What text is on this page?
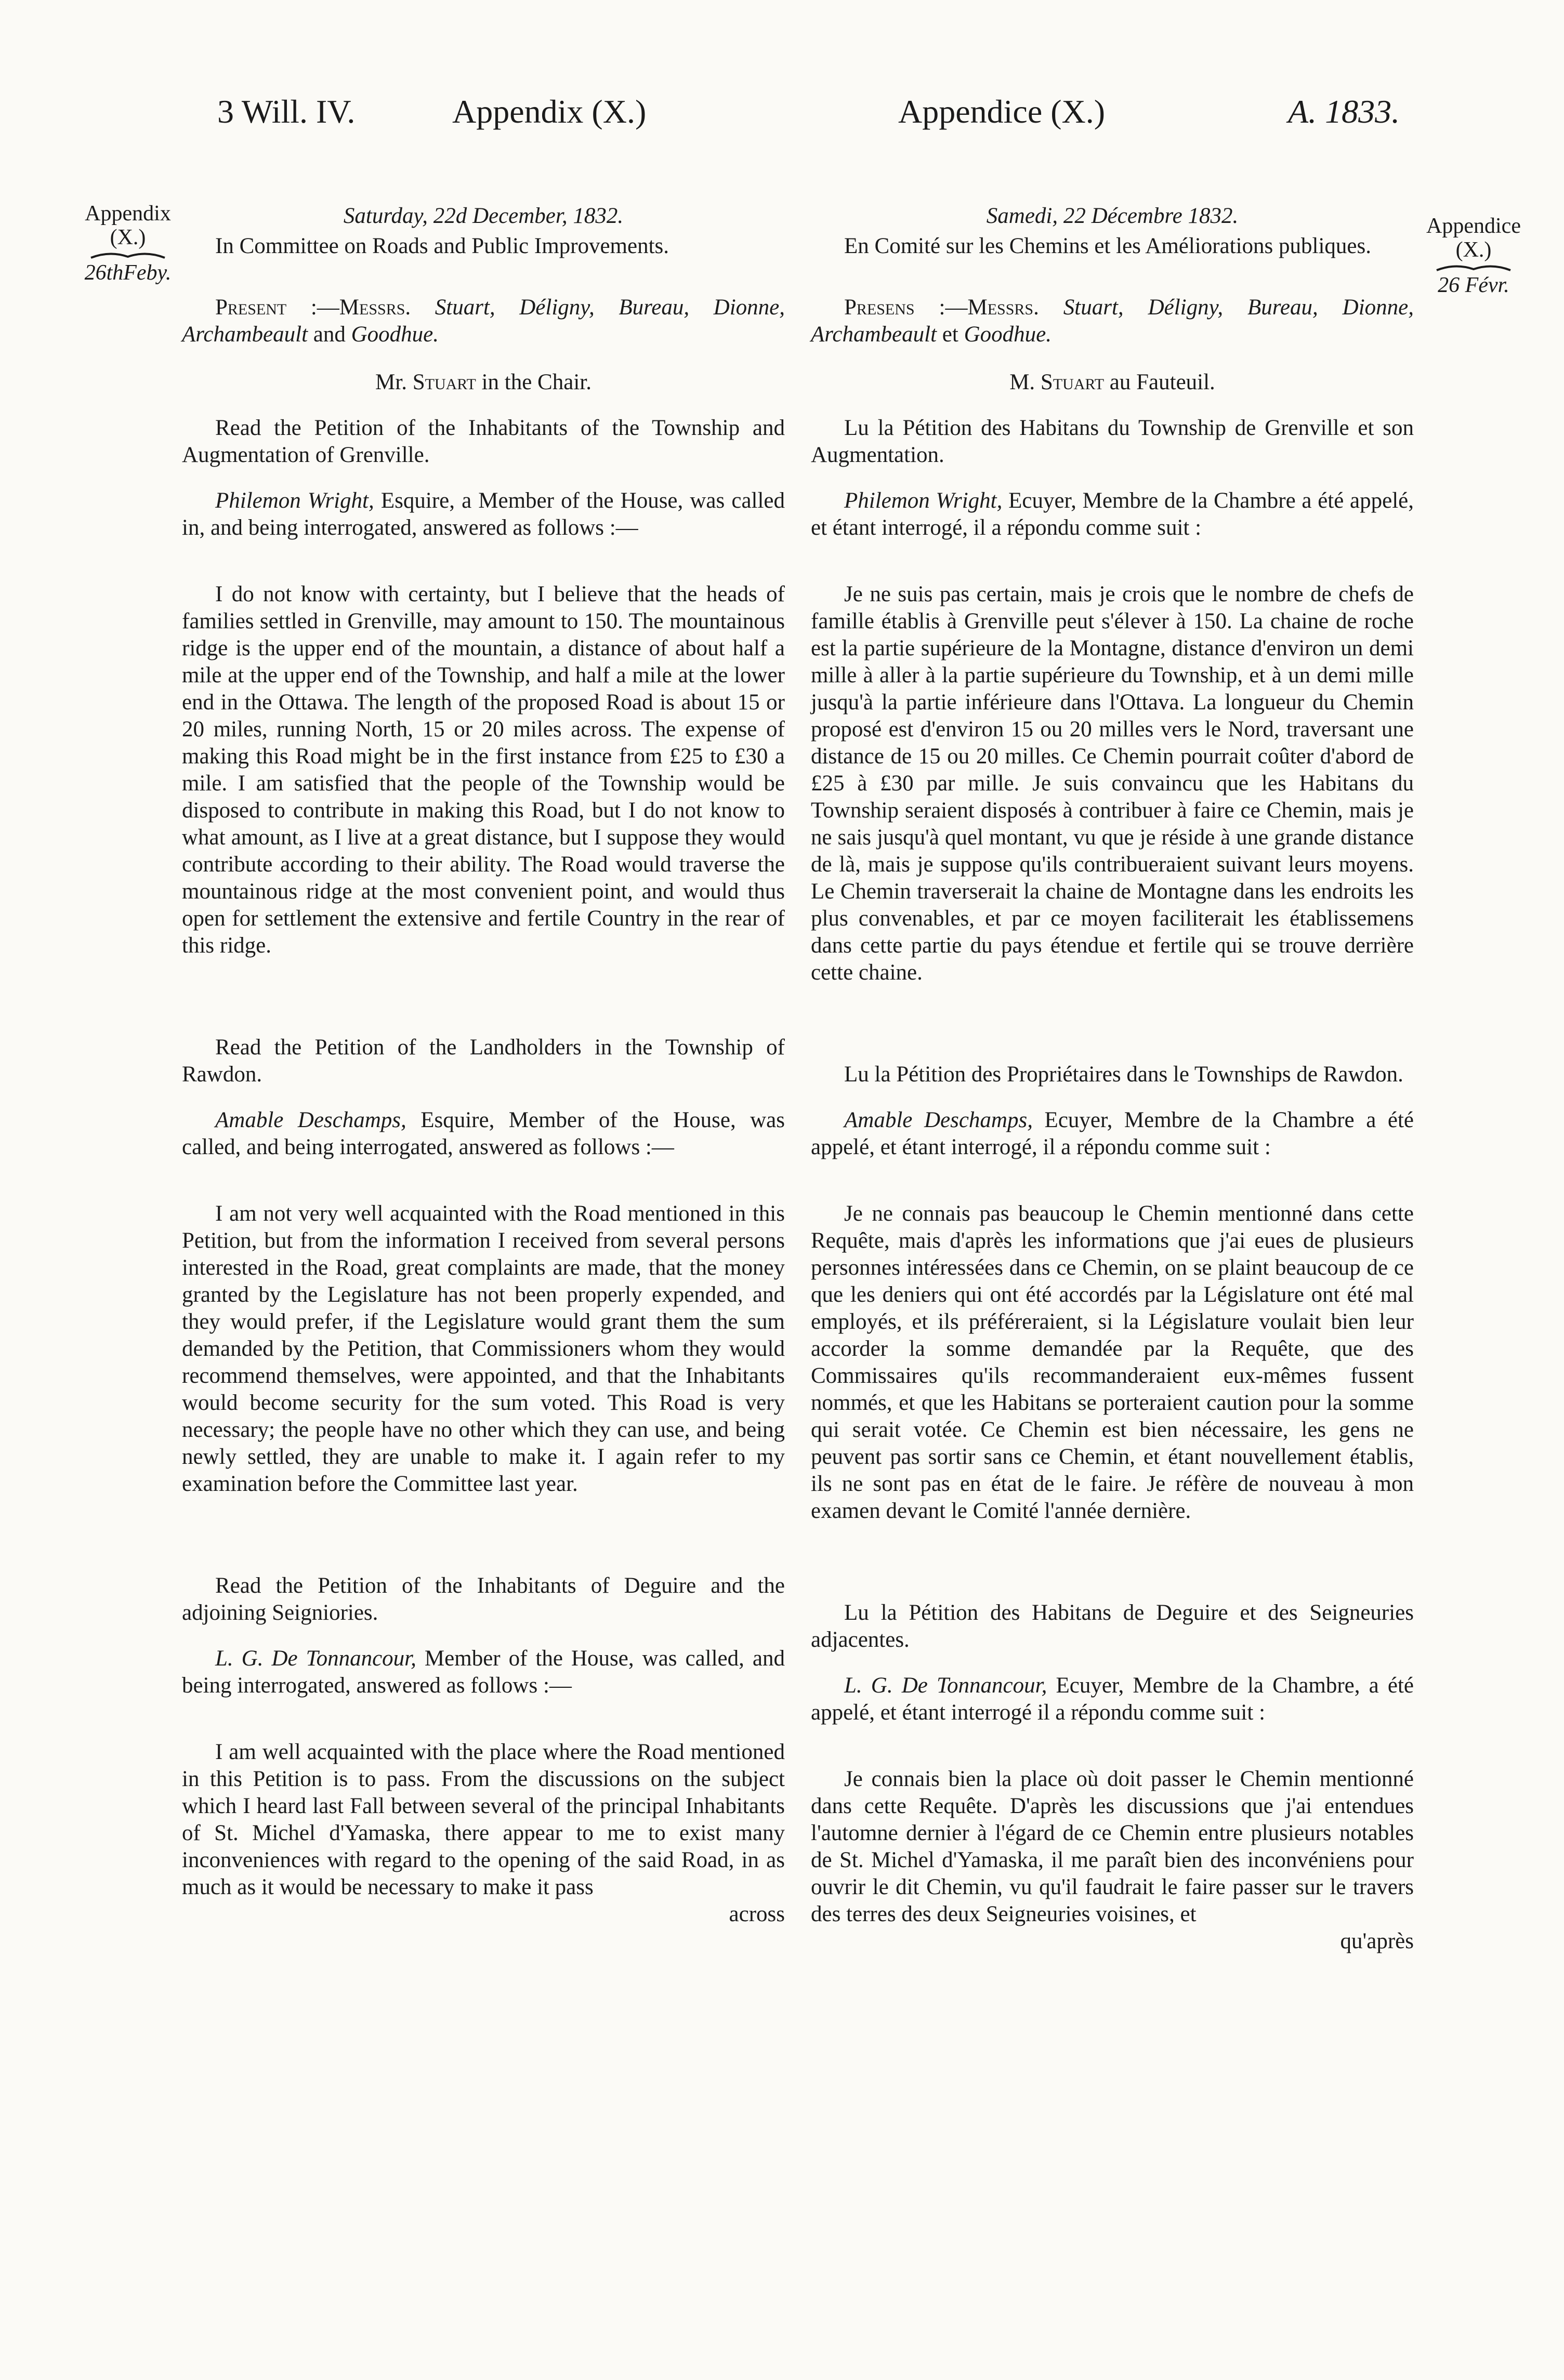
3 Will. IV.	Appendix (X.)	Appendice (X.)	A. 1833.
Appendix
(X.)
26thFeby.
Appendice
(X.)
26 Févr.

Saturday, 22d December, 1832.

In Committee on Roads and Public Improvements.

Present :—Messrs. Stuart, Déligny, Bureau, Dionne, Archambeault and Goodhue.

Mr. Stuart in the Chair.

Read the Petition of the Inhabitants of the Township and Augmentation of Grenville.

Philemon Wright, Esquire, a Member of the House, was called in, and being interrogated, answered as follows :—

I do not know with certainty, but I believe that the heads of families settled in Grenville, may amount to 150. The mountainous ridge is the upper end of the mountain, a distance of about half a mile at the upper end of the Township, and half a mile at the lower end in the Ottawa. The length of the proposed Road is about 15 or 20 miles, running North, 15 or 20 miles across. The expense of making this Road might be in the first instance from £25 to £30 a mile. I am satisfied that the people of the Township would be disposed to contribute in making this Road, but I do not know to what amount, as I live at a great distance, but I suppose they would contribute according to their ability. The Road would traverse the mountainous ridge at the most convenient point, and would thus open for settlement the extensive and fertile Country in the rear of this ridge.

Read the Petition of the Landholders in the Township of Rawdon.

Amable Deschamps, Esquire, Member of the House, was called, and being interrogated, answered as follows :—

I am not very well acquainted with the Road mentioned in this Petition, but from the information I received from several persons interested in the Road, great complaints are made, that the money granted by the Legislature has not been properly expended, and they would prefer, if the Legislature would grant them the sum demanded by the Petition, that Commissioners whom they would recommend themselves, were appointed, and that the Inhabitants would become security for the sum voted. This Road is very necessary; the people have no other which they can use, and being newly settled, they are unable to make it. I again refer to my examination before the Committee last year.

Read the Petition of the Inhabitants of Deguire and the adjoining Seigniories.

L. G. De Tonnancour, Member of the House, was called, and being interrogated, answered as follows :—

I am well acquainted with the place where the Road mentioned in this Petition is to pass. From the discussions on the subject which I heard last Fall between several of the principal Inhabitants of St. Michel d'Yamaska, there appear to me to exist many inconveniences with regard to the opening of the said Road, in as much as it would be necessary to make it pass

across

Samedi, 22 Décembre 1832.

En Comité sur les Chemins et les Améliorations publiques.

Presens :—Messrs. Stuart, Déligny, Bureau, Dionne, Archambeault et Goodhue.

M. Stuart au Fauteuil.

Lu la Pétition des Habitans du Township de Grenville et son Augmentation.

Philemon Wright, Ecuyer, Membre de la Chambre a été appelé, et étant interrogé, il a répondu comme suit :

Je ne suis pas certain, mais je crois que le nombre de chefs de famille établis à Grenville peut s'élever à 150. La chaine de roche est la partie supérieure de la Montagne, distance d'environ un demi mille à aller à la partie supérieure du Township, et à un demi mille jusqu'à la partie inférieure dans l'Ottava. La longueur du Chemin proposé est d'environ 15 ou 20 milles vers le Nord, traversant une distance de 15 ou 20 milles. Ce Chemin pourrait coûter d'abord de £25 à £30 par mille. Je suis convaincu que les Habitans du Township seraient disposés à contribuer à faire ce Chemin, mais je ne sais jusqu'à quel montant, vu que je réside à une grande distance de là, mais je suppose qu'ils contribueraient suivant leurs moyens. Le Chemin traverserait la chaine de Montagne dans les endroits les plus convenables, et par ce moyen faciliterait les établissemens dans cette partie du pays étendue et fertile qui se trouve derrière cette chaine.

Lu la Pétition des Propriétaires dans le Townships de Rawdon.

Amable Deschamps, Ecuyer, Membre de la Chambre a été appelé, et étant interrogé, il a répondu comme suit :

Je ne connais pas beaucoup le Chemin mentionné dans cette Requête, mais d'après les informations que j'ai eues de plusieurs personnes intéressées dans ce Chemin, on se plaint beaucoup de ce que les deniers qui ont été accordés par la Législature ont été mal employés, et ils préféreraient, si la Législature voulait bien leur accorder la somme demandée par la Requête, que des Commissaires qu'ils recommanderaient eux-mêmes fussent nommés, et que les Habitans se porteraient caution pour la somme qui serait votée. Ce Chemin est bien nécessaire, les gens ne peuvent pas sortir sans ce Chemin, et étant nouvellement établis, ils ne sont pas en état de le faire. Je réfère de nouveau à mon examen devant le Comité l'année dernière.

Lu la Pétition des Habitans de Deguire et des Seigneuries adjacentes.

L. G. De Tonnancour, Ecuyer, Membre de la Chambre, a été appelé, et étant interrogé il a répondu comme suit :

Je connais bien la place où doit passer le Chemin mentionné dans cette Requête. D'après les discussions que j'ai entendues l'automne dernier à l'égard de ce Chemin entre plusieurs notables de St. Michel d'Yamaska, il me paraît bien des inconvéniens pour ouvrir le dit Chemin, vu qu'il faudrait le faire passer sur le travers des terres des deux Seigneuries voisines, et

qu'après
